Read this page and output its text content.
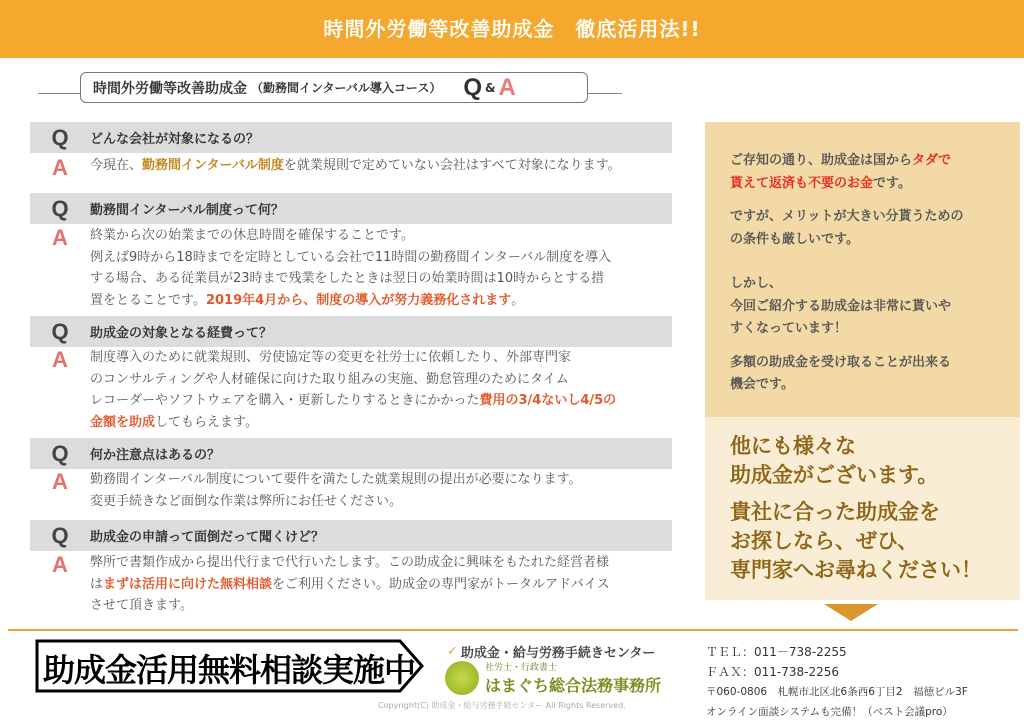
時間外労働等改善助成金　徹底活用法!!
時間外労働等改善助成金 （勤務間インターバル導入コース） Q & A
Q	どんな会社が対象になるの？
A	今現在、勤務間インターバル制度を就業規則で定めていない会社はすべて対象になります。
Q	勤務間インターバル制度って何？
A	終業から次の始業までの休息時間を確保することです。
例えば9時から18時までを定時としている会社で11時間の勤務間インターバル制度を導入
する場合、ある従業員が23時まで残業をしたときは翌日の始業時間は10時からとする措
置をとることです。2019年4月から、制度の導入が努力義務化されます。
Q	助成金の対象となる経費って？
A	制度導入のために就業規則、労使協定等の変更を社労士に依頼したり、外部専門家
のコンサルティングや人材確保に向けた取り組みの実施、勤怠管理のためにタイム
レコーダーやソフトウェアを購入・更新したりするときにかかった費用の3/4ないし4/5の
金額を助成してもらえます。
Q	何か注意点はあるの？
A	勤務間インターバル制度について要件を満たした就業規則の提出が必要になります。
変更手続きなど面倒な作業は弊所にお任せください。
Q	助成金の申請って面倒だって聞くけど？
A	弊所で書類作成から提出代行まで代行いたします。この助成金に興味をもたれた経営者様
はまずは活用に向けた無料相談をご利用ください。助成金の専門家がトータルアドバイス
させて頂きます。

ご存知の通り、助成金は国からタダで
貰えて返済も不要のお金です。

ですが、メリットが大きい分貰うための
の条件も厳しいです。

しかし、
今回ご紹介する助成金は非常に貰いや
すくなっています！

多額の助成金を受け取ることが出来る
機会です。

他にも様々な
助成金がございます。

貴社に合った助成金を
お探しなら、ぜひ、
専門家へお尋ねください！

助成金活用無料相談実施中 ✓ 助成金・給与労務手続きセンター
社労士・行政書士
はまぐち総合法務事務所
Copyright(C) 助成金・給与労務手続センター All Rights Reserved.
ＴＥＬ：011－738-2255
ＦＡＸ：011-738-2256
〒060-0806　札幌市北区北6条西6丁目2　福徳ビル3F
オンライン面談システムも完備！（ベスト会議pro）
